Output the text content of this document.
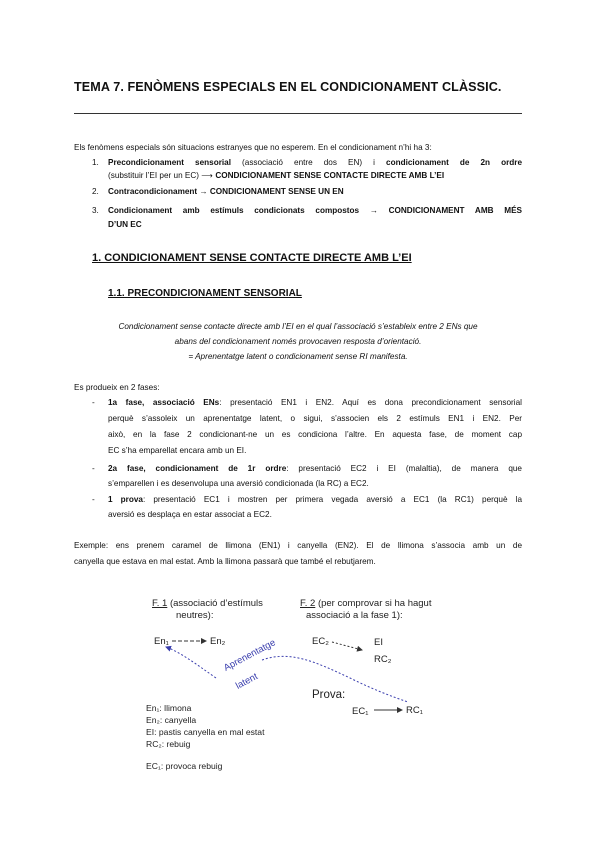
TEMA 7. FENÒMENS ESPECIALS EN EL CONDICIONAMENT CLÀSSIC.
Els fenòmens especials són situacions estranyes que no esperem. En el condicionament n’hi ha 3:
1.	Precondicionament sensorial (associació entre dos EN) i condicionament de 2n ordre
(substituir l’EI per un EC) ⟶ CONDICIONAMENT SENSE CONTACTE DIRECTE AMB L’EI
2.	Contracondicionament → CONDICIONAMENT SENSE UN EN
3.	Condicionament amb estímuls condicionats compostos → CONDICIONAMENT AMB MÉS
D’UN EC
1. CONDICIONAMENT SENSE CONTACTE DIRECTE AMB L’EI
1.1. PRECONDICIONAMENT SENSORIAL
Condicionament sense contacte directe amb l’EI en el qual l’associació s’estableix entre 2 ENs que
abans del condicionament només provocaven resposta d’orientació.
= Aprenentatge latent o condicionament sense RI manifesta.
Es produeix en 2 fases:
-	1a fase, associació ENs: presentació EN1 i EN2. Aquí es dona precondicionament sensorial
perquè s’assoleix un aprenentatge latent, o sigui, s’associen els 2 estímuls EN1 i EN2. Per
això, en la fase 2 condicionant-ne un es condiciona l’altre. En aquesta fase, de moment cap
EC s’ha emparellat encara amb un EI.
-	2a fase, condicionament de 1r ordre: presentació EC2 i EI (malaltia), de manera que
s’emparellen i es desenvolupa una aversió condicionada (la RC) a EC2.
-	1 prova: presentació EC1 i mostren per primera vegada aversió a EC1 (la RC1) perquè la
aversió es desplaça en estar associat a EC2.
Exemple: ens prenem caramel de llimona (EN1) i canyella (EN2). El de llimona s’associa amb un de
canyella que estava en mal estat. Amb la llimona passarà que també el rebutjarem.
F. 1 (associació d’estímuls
neutres):
F. 2 (per comprovar si ha hagut
associació a la fase 1):
En₁	En₂	EC₂	EI
RC₂
Prova:
EC₁	RC₁
Aprenentatge
latent
En₁: llimona
En₂: canyella
EI: pastis canyella en mal estat
RC₂: rebuig
EC₁: provoca rebuig
